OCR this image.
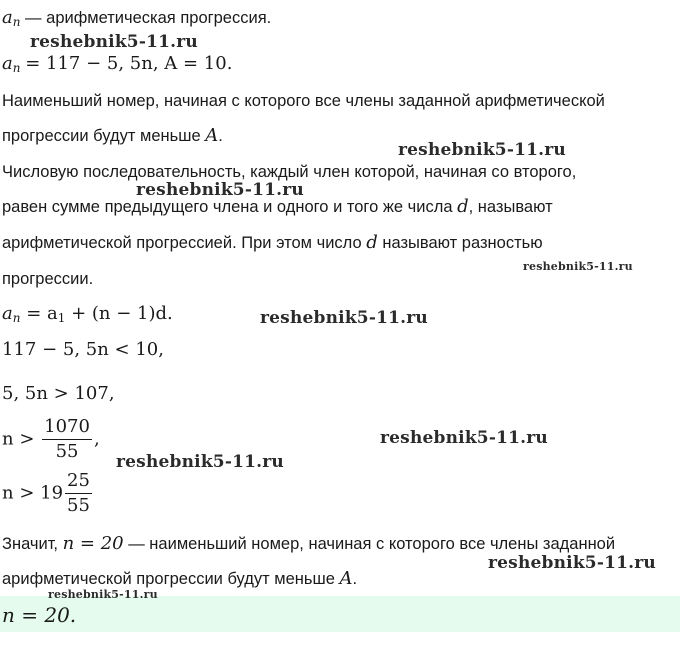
$a_n$ — арифметическая прогрессия.
$a_n = 117 - 5$, 5n, A = 10.
Наименьший номер, начиная с которого все члены заданной арифметической
прогрессии будут меньше A.
Числовую последовательность, каждый член которой, начиная со второго,
равен сумме предыдущего члена и одного и того же числа d, называют
арифметической прогрессией. При этом число d называют разностью
прогрессии.
$a_n = a_1 + (n - 1)d$.
117 − 5, 5n < 10,
5, 5n > 107,
$n > \frac{1070}{55}$ ,
$n > 19 \frac{25}{55}$
Значит, n = 20 — наименьший номер, начиная с которого все члены заданной
арифметической прогрессии будут меньше A.
n = 20.
reshebnik5-11.ru
reshebnik5-11.ru
reshebnik5-11.ru
reshebnik5-11.ru
reshebnik5-11.ru
reshebnik5-11.ru
reshebnik5-11.ru
reshebnik5-11.ru
reshebnik5-11.ru
